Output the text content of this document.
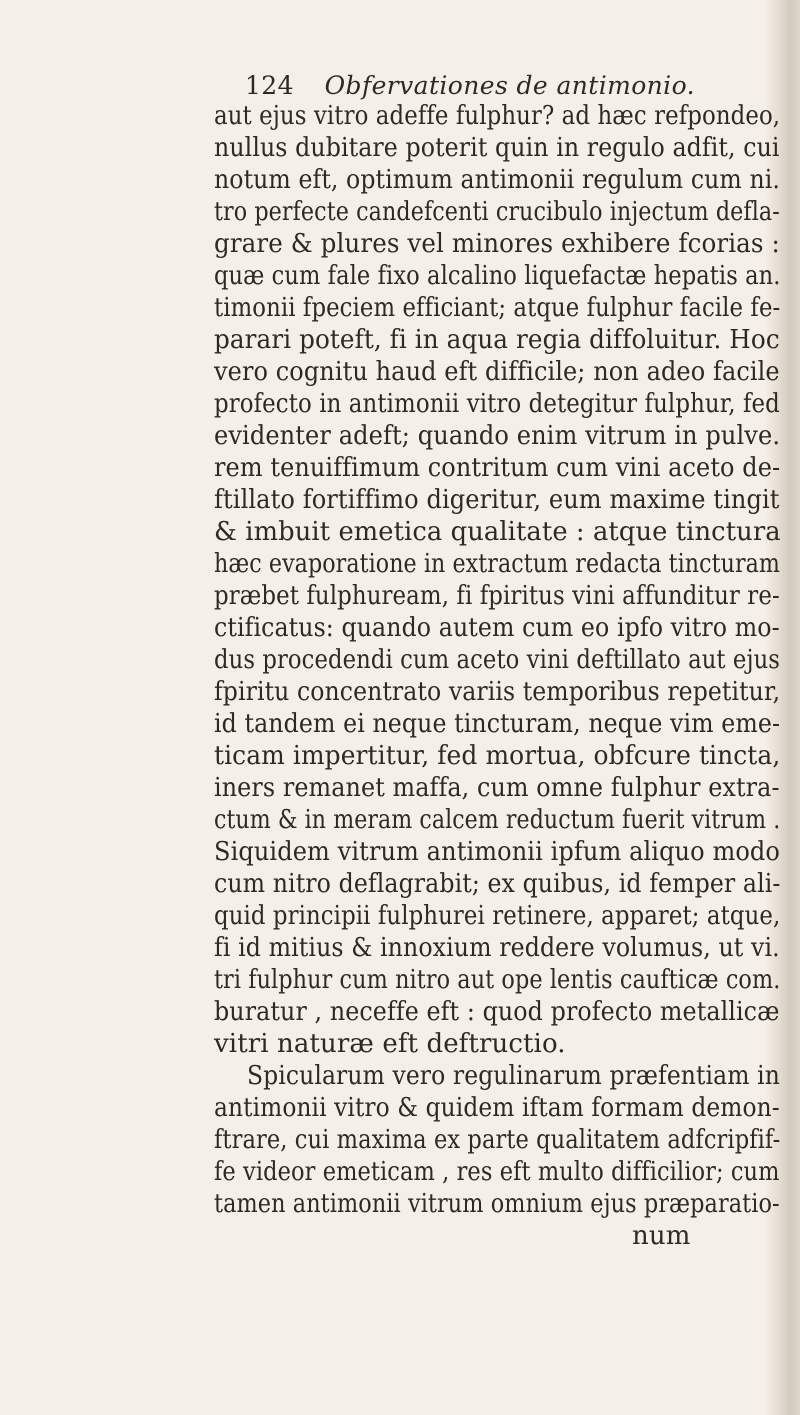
124 Obfervationes de antimonio.
aut ejus vitro adeffe fulphur? ad hæc refpondeo,
nullus dubitare poterit quin in regulo adfit, cui
notum eft, optimum antimonii regulum cum ni.
tro perfecte candefcenti crucibulo injectum defla-
grare & plures vel minores exhibere fcorias :
quæ cum fale fixo alcalino liquefactæ hepatis an.
timonii fpeciem efficiant; atque fulphur facile fe-
parari poteft, fi in aqua regia diffoluitur. Hoc
vero cognitu haud eft difficile; non adeo facile
profecto in antimonii vitro detegitur fulphur, fed
evidenter adeft; quando enim vitrum in pulve.
rem tenuiffimum contritum cum vini aceto de-
ftillato fortiffimo digeritur, eum maxime tingit
& imbuit emetica qualitate : atque tinctura
hæc evaporatione in extractum redacta tincturam
præbet fulphuream, fi fpiritus vini affunditur re-
ctificatus: quando autem cum eo ipfo vitro mo-
dus procedendi cum aceto vini deftillato aut ejus
fpiritu concentrato variis temporibus repetitur,
id tandem ei neque tincturam, neque vim eme-
ticam impertitur, fed mortua, obfcure tincta,
iners remanet maffa, cum omne fulphur extra-
ctum & in meram calcem reductum fuerit vitrum .
Siquidem vitrum antimonii ipfum aliquo modo
cum nitro deflagrabit; ex quibus, id femper ali-
quid principii fulphurei retinere, apparet; atque,
fi id mitius & innoxium reddere volumus, ut vi.
tri fulphur cum nitro aut ope lentis caufticæ com.
buratur , neceffe eft : quod profecto metallicæ
vitri naturæ eft deftructio.
Spicularum vero regulinarum præfentiam in
antimonii vitro & quidem iftam formam demon-
ftrare, cui maxima ex parte qualitatem adfcripfif-
fe videor emeticam , res eft multo difficilior; cum
tamen antimonii vitrum omnium ejus præparatio-
num
